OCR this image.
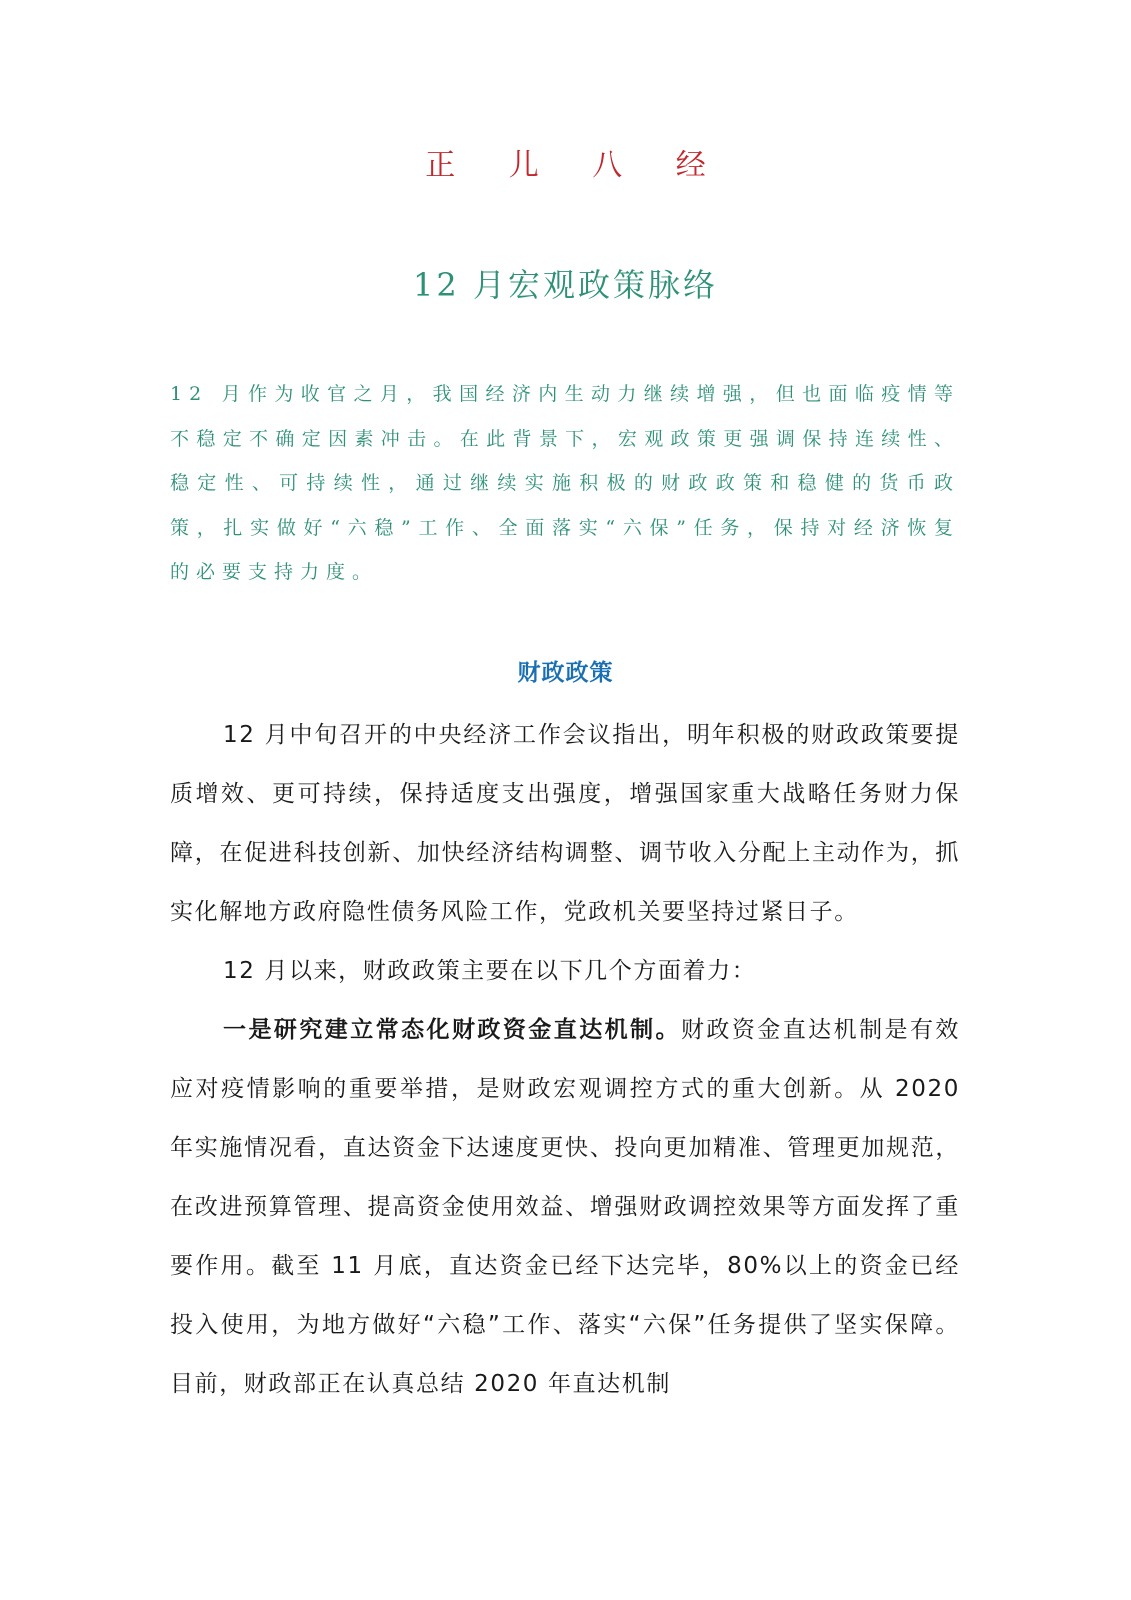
正 儿 八 经
12 月宏观政策脉络
12 月作为收官之月，我国经济内生动力继续增强，但也面临疫情等不稳定不确定因素冲击。在此背景下，宏观政策更强调保持连续性、稳定性、可持续性，通过继续实施积极的财政政策和稳健的货币政策，扎实做好“六稳”工作、全面落实“六保”任务，保持对经济恢复的必要支持力度。
财政政策

12 月中旬召开的中央经济工作会议指出，明年积极的财政政策要提质增效、更可持续，保持适度支出强度，增强国家重大战略任务财力保障，在促进科技创新、加快经济结构调整、调节收入分配上主动作为，抓实化解地方政府隐性债务风险工作，党政机关要坚持过紧日子。

12 月以来，财政政策主要在以下几个方面着力：

一是研究建立常态化财政资金直达机制。财政资金直达机制是有效应对疫情影响的重要举措，是财政宏观调控方式的重大创新。从 2020 年实施情况看，直达资金下达速度更快、投向更加精准、管理更加规范，在改进预算管理、提高资金使用效益、增强财政调控效果等方面发挥了重要作用。截至 11 月底，直达资金已经下达完毕，80%以上的资金已经投入使用，为地方做好“六稳”工作、落实“六保”任务提供了坚实保障。目前，财政部正在认真总结 2020 年直达机制
